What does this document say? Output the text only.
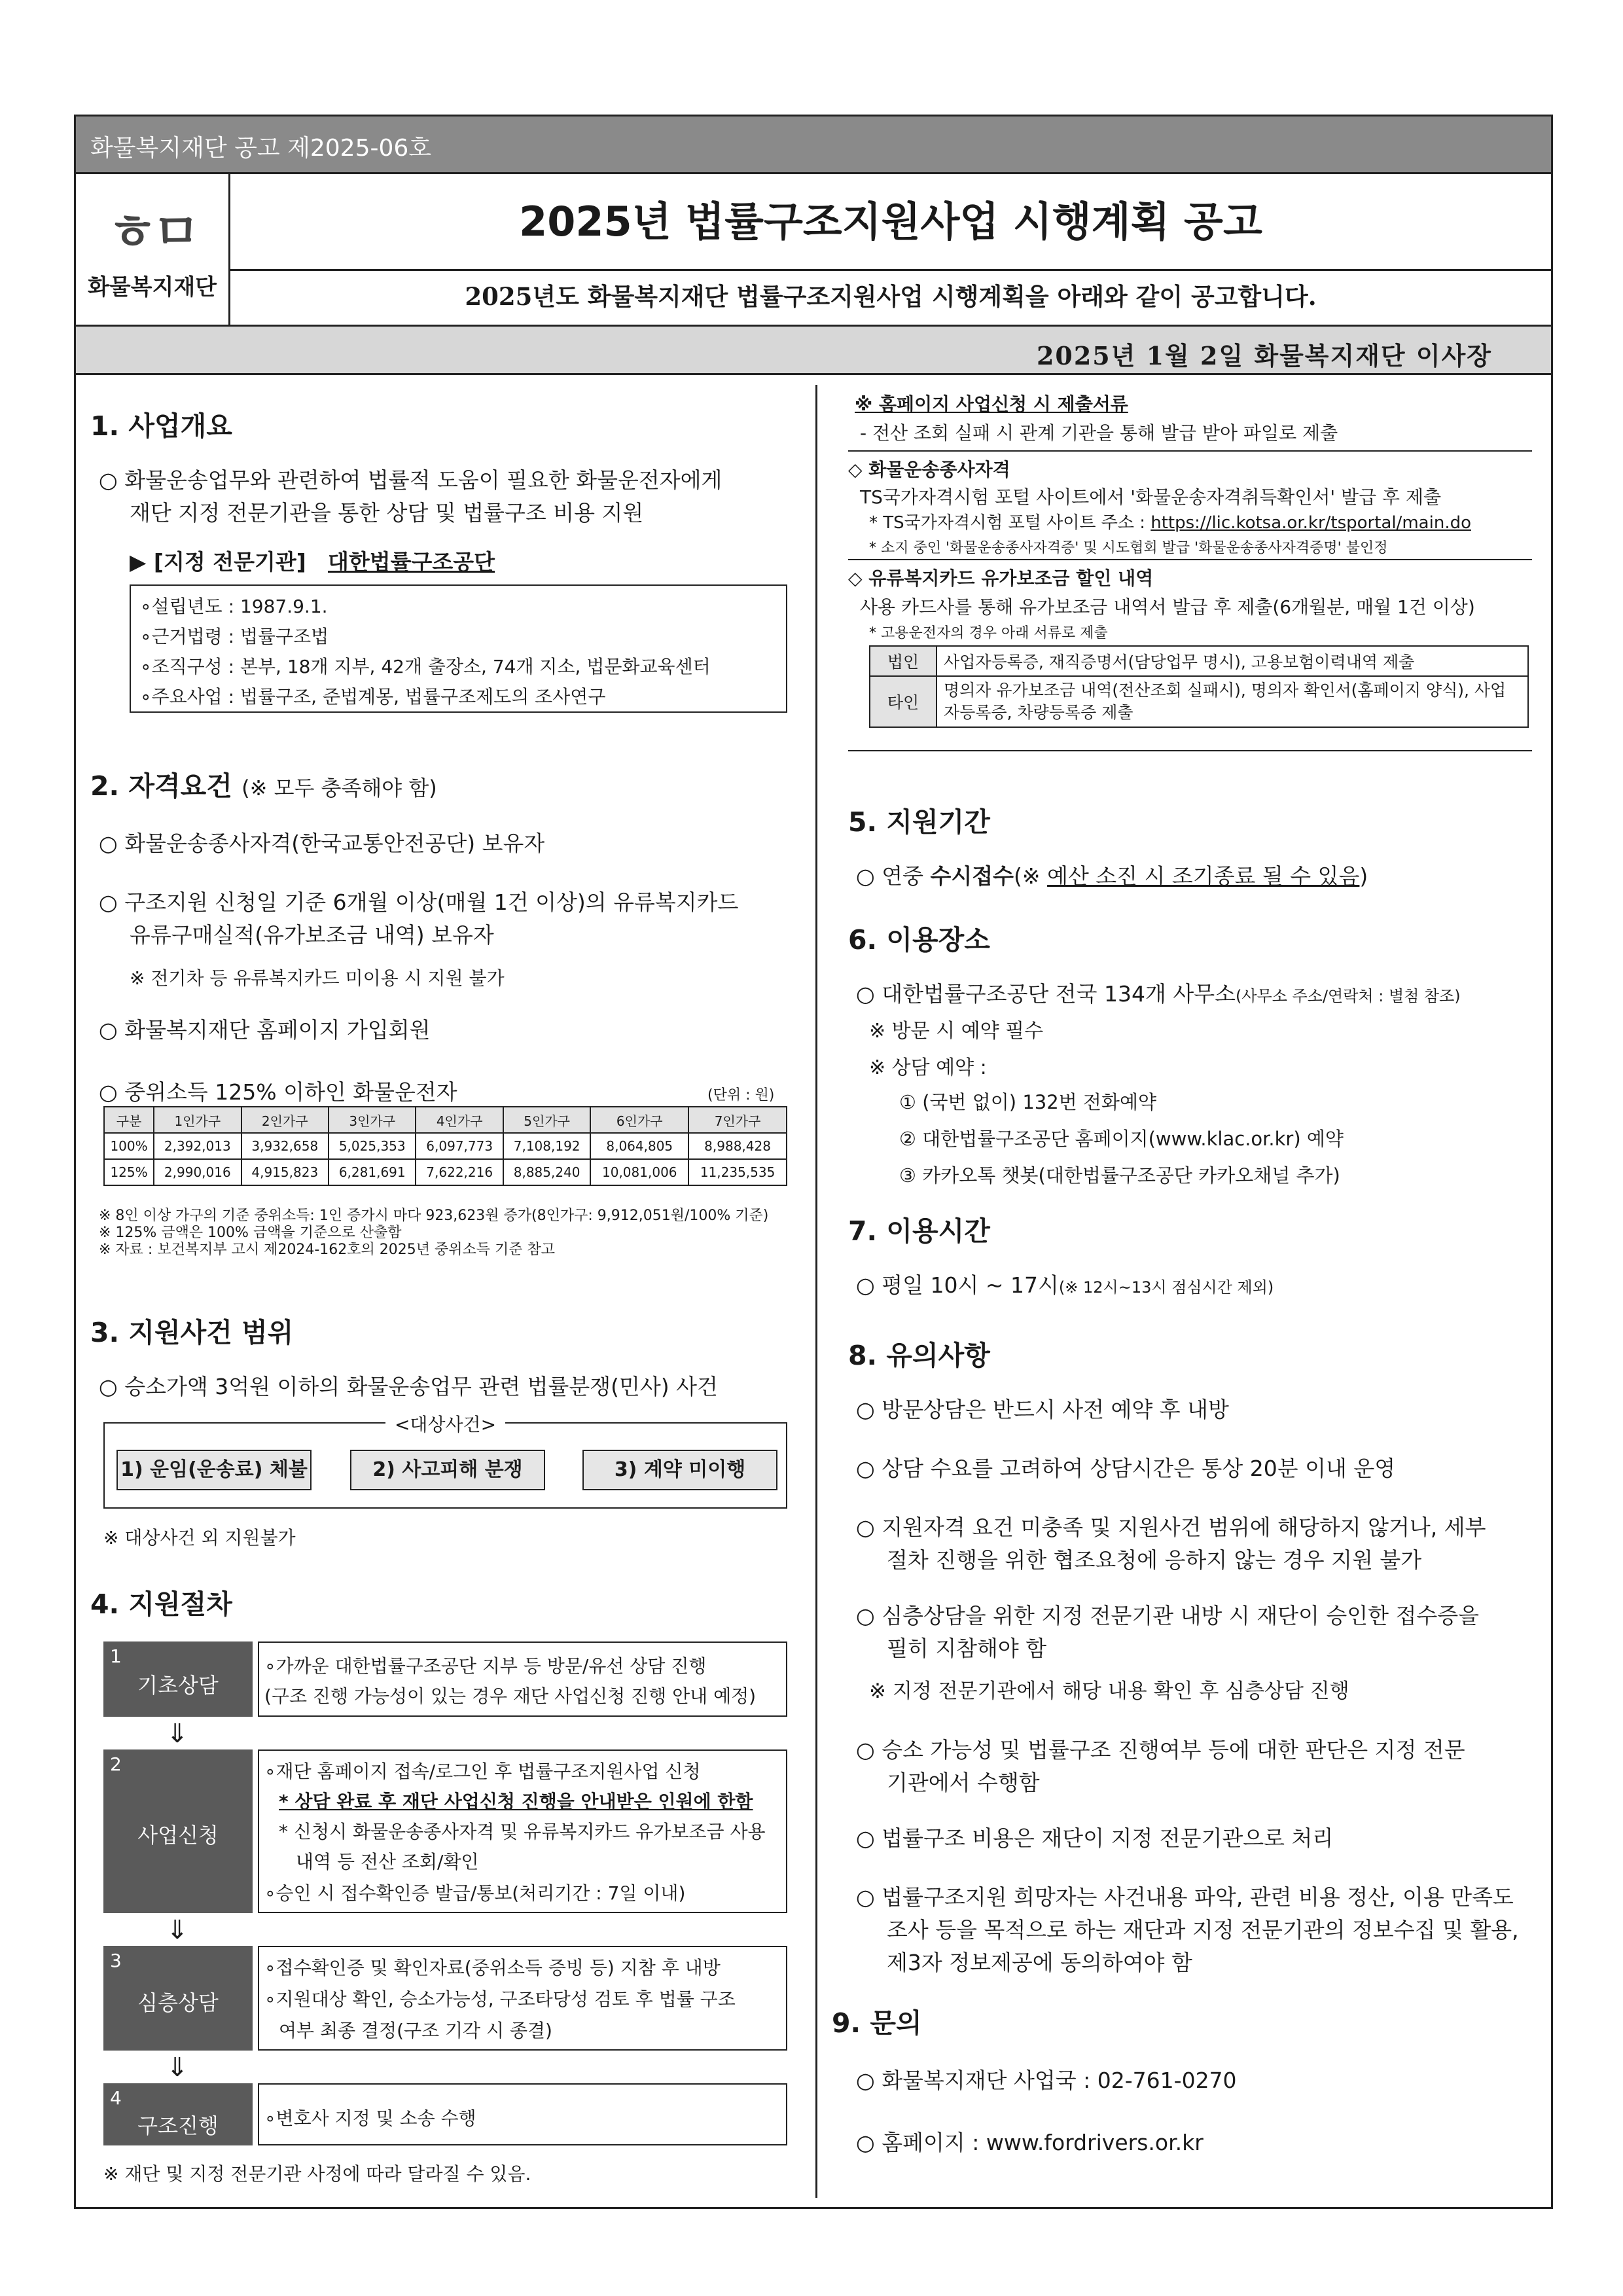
화물복지재단 공고 제2025-06호
ㅎㅁ
화물복지재단
2025년 법률구조지원사업 시행계획 공고
2025년도 화물복지재단 법률구조지원사업 시행계획을 아래와 같이 공고합니다.
2025년 1월 2일 화물복지재단 이사장
1. 사업개요
○ 화물운송업무와 관련하여 법률적 도움이 필요한 화물운전자에게
재단 지정 전문기관을 통한 상담 및 법률구조 비용 지원
▶ [지정 전문기관] 대한법률구조공단
∘설립년도 : 1987.9.1.
∘근거법령 : 법률구조법
∘조직구성 : 본부, 18개 지부, 42개 출장소, 74개 지소, 법문화교육센터
∘주요사업 : 법률구조, 준법계몽, 법률구조제도의 조사연구
2. 자격요건 (※ 모두 충족해야 함)
○ 화물운송종사자격(한국교통안전공단) 보유자
○ 구조지원 신청일 기준 6개월 이상(매월 1건 이상)의 유류복지카드
유류구매실적(유가보조금 내역) 보유자
※ 전기차 등 유류복지카드 미이용 시 지원 불가
○ 화물복지재단 홈페이지 가입회원
○ 중위소득 125% 이하인 화물운전자	(단위 : 원)
구분	1인가구	2인가구	3인가구	4인가구	5인가구	6인가구	7인가구
100%	2,392,013	3,932,658	5,025,353	6,097,773	7,108,192	8,064,805	8,988,428
125%	2,990,016	4,915,823	6,281,691	7,622,216	8,885,240	10,081,006	11,235,535
※ 8인 이상 가구의 기준 중위소득: 1인 증가시 마다 923,623원 증가(8인가구: 9,912,051원/100% 기준)
※ 125% 금액은 100% 금액을 기준으로 산출함
※ 자료 : 보건복지부 고시 제2024-162호의 2025년 중위소득 기준 참고
3. 지원사건 범위
○ 승소가액 3억원 이하의 화물운송업무 관련 법률분쟁(민사) 사건
<대상사건>
1) 운임(운송료) 체불	2) 사고피해 분쟁	3) 계약 미이행
※ 대상사건 외 지원불가
4. 지원절차
1
기초상담
∘가까운 대한법률구조공단 지부 등 방문/유선 상담 진행
(구조 진행 가능성이 있는 경우 재단 사업신청 진행 안내 예정)
⇓
2
사업신청
∘재단 홈페이지 접속/로그인 후 법률구조지원사업 신청
* 상담 완료 후 재단 사업신청 진행을 안내받은 인원에 한함
* 신청시 화물운송종사자격 및 유류복지카드 유가보조금 사용
내역 등 전산 조회/확인
∘승인 시 접수확인증 발급/통보(처리기간 : 7일 이내)
⇓
3
심층상담
∘접수확인증 및 확인자료(중위소득 증빙 등) 지참 후 내방
∘지원대상 확인, 승소가능성, 구조타당성 검토 후 법률 구조
여부 최종 결정(구조 기각 시 종결)
⇓
4
구조진행	∘변호사 지정 및 소송 수행
※ 재단 및 지정 전문기관 사정에 따라 달라질 수 있음.
※ 홈페이지 사업신청 시 제출서류
- 전산 조회 실패 시 관계 기관을 통해 발급 받아 파일로 제출
◇ 화물운송종사자격
TS국가자격시험 포털 사이트에서 '화물운송자격취득확인서' 발급 후 제출
* TS국가자격시험 포털 사이트 주소 : https://lic.kotsa.or.kr/tsportal/main.do
* 소지 중인 '화물운송종사자격증' 및 시도협회 발급 '화물운송종사자격증명' 불인정
◇ 유류복지카드 유가보조금 할인 내역
사용 카드사를 통해 유가보조금 내역서 발급 후 제출(6개월분, 매월 1건 이상)
* 고용운전자의 경우 아래 서류로 제출
법인	사업자등록증, 재직증명서(담당업무 명시), 고용보험이력내역 제출
타인	명의자 유가보조금 내역(전산조회 실패시), 명의자 확인서(홈페이지 양식), 사업자등록증, 차량등록증 제출
5. 지원기간
○ 연중 수시접수(※ 예산 소진 시 조기종료 될 수 있음)
6. 이용장소
○ 대한법률구조공단 전국 134개 사무소(사무소 주소/연락처 : 별첨 참조)
※ 방문 시 예약 필수
※ 상담 예약 :
① (국번 없이) 132번 전화예약
② 대한법률구조공단 홈페이지(www.klac.or.kr) 예약
③ 카카오톡 챗봇(대한법률구조공단 카카오채널 추가)
7. 이용시간
○ 평일 10시 ~ 17시(※ 12시~13시 점심시간 제외)
8. 유의사항
○ 방문상담은 반드시 사전 예약 후 내방
○ 상담 수요를 고려하여 상담시간은 통상 20분 이내 운영
○ 지원자격 요건 미충족 및 지원사건 범위에 해당하지 않거나, 세부
절차 진행을 위한 협조요청에 응하지 않는 경우 지원 불가
○ 심층상담을 위한 지정 전문기관 내방 시 재단이 승인한 접수증을
필히 지참해야 함
※ 지정 전문기관에서 해당 내용 확인 후 심층상담 진행
○ 승소 가능성 및 법률구조 진행여부 등에 대한 판단은 지정 전문
기관에서 수행함
○ 법률구조 비용은 재단이 지정 전문기관으로 처리
○ 법률구조지원 희망자는 사건내용 파악, 관련 비용 정산, 이용 만족도
조사 등을 목적으로 하는 재단과 지정 전문기관의 정보수집 및 활용,
제3자 정보제공에 동의하여야 함
9. 문의
○ 화물복지재단 사업국 : 02-761-0270
○ 홈페이지 : www.fordrivers.or.kr
